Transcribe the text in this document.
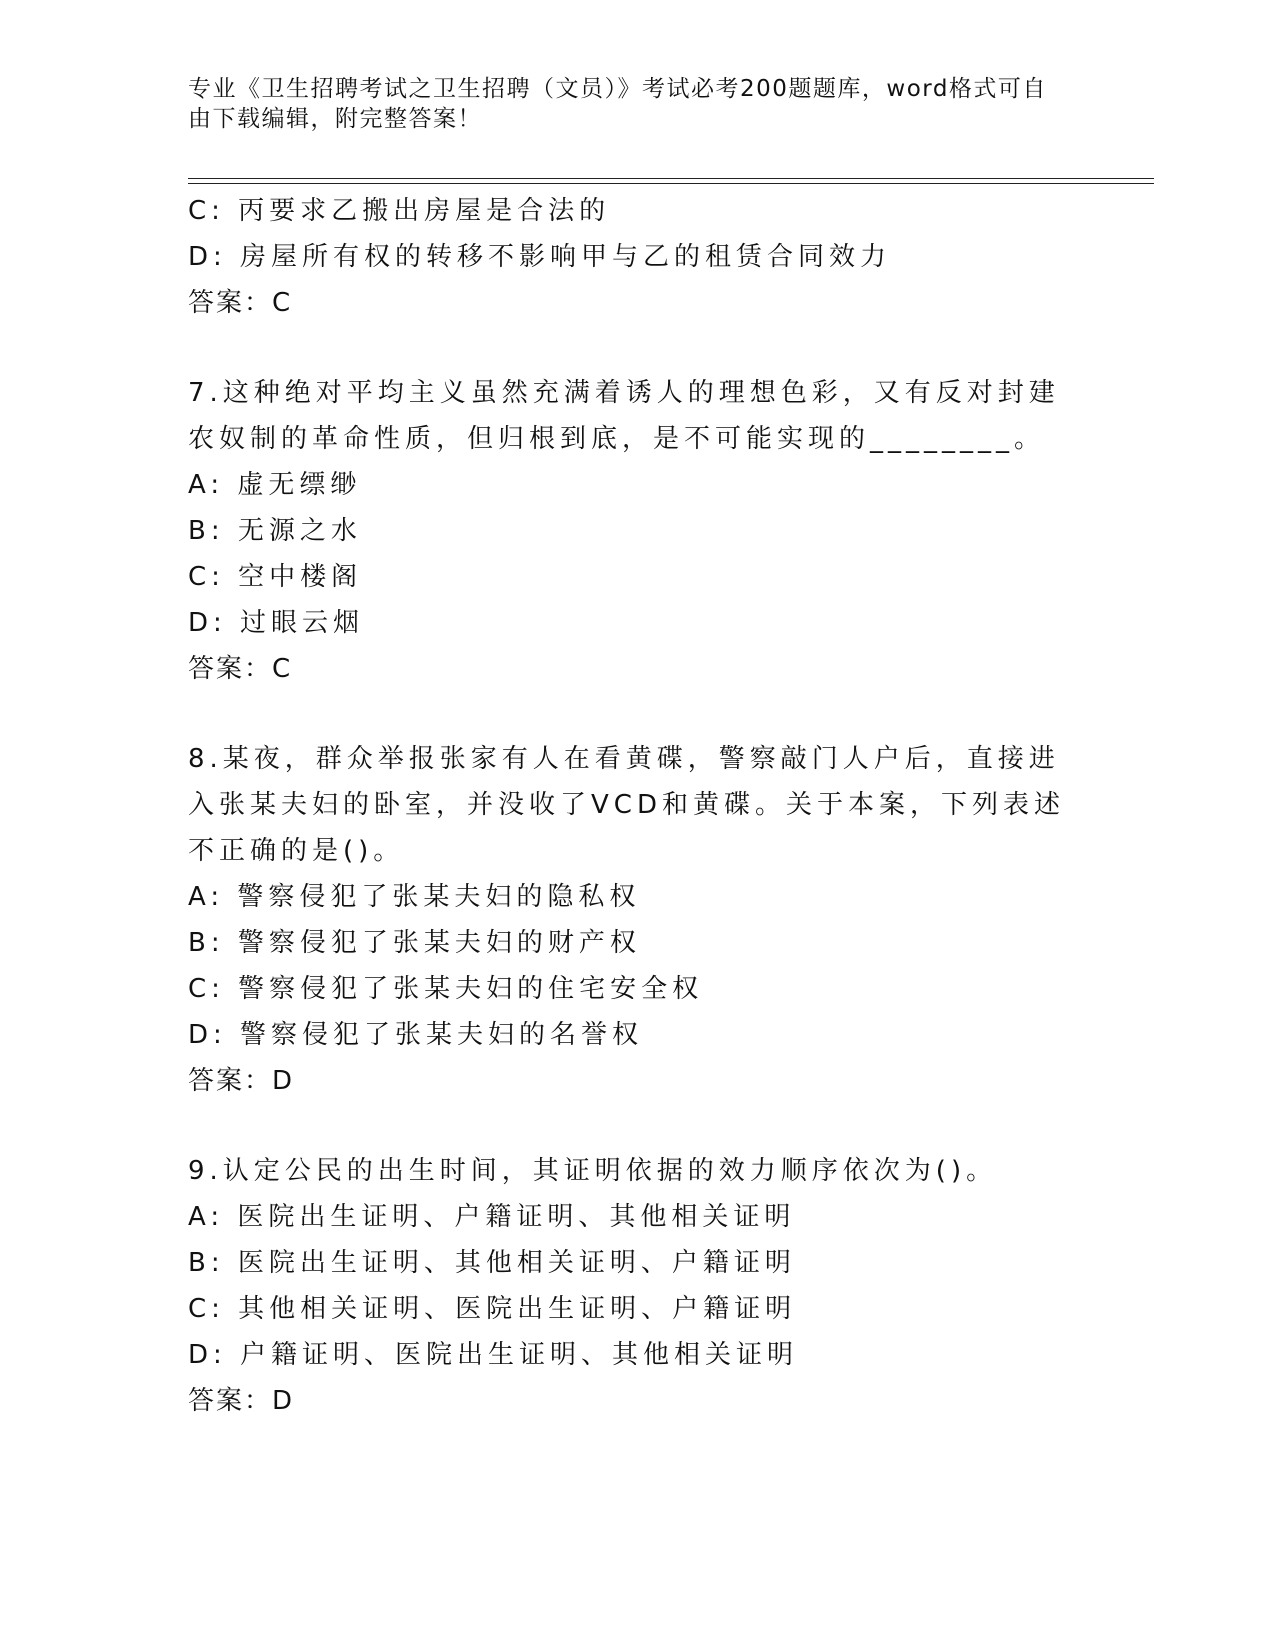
专业《卫生招聘考试之卫生招聘（文员）》考试必考200题题库，word格式可自由下载编辑，附完整答案！
C: 丙要求乙搬出房屋是合法的
D: 房屋所有权的转移不影响甲与乙的租赁合同效力
答案：C
7.这种绝对平均主义虽然充满着诱人的理想色彩，又有反对封建农奴制的革命性质，但归根到底，是不可能实现的________。
A: 虚无缥缈
B: 无源之水
C: 空中楼阁
D: 过眼云烟
答案：C
8.某夜，群众举报张家有人在看黄碟，警察敲门人户后，直接进入张某夫妇的卧室，并没收了VCD和黄碟。关于本案，下列表述不正确的是()。
A: 警察侵犯了张某夫妇的隐私权
B: 警察侵犯了张某夫妇的财产权
C: 警察侵犯了张某夫妇的住宅安全权
D: 警察侵犯了张某夫妇的名誉权
答案：D
9.认定公民的出生时间，其证明依据的效力顺序依次为()。
A: 医院出生证明、户籍证明、其他相关证明
B: 医院出生证明、其他相关证明、户籍证明
C: 其他相关证明、医院出生证明、户籍证明
D: 户籍证明、医院出生证明、其他相关证明
答案：D
